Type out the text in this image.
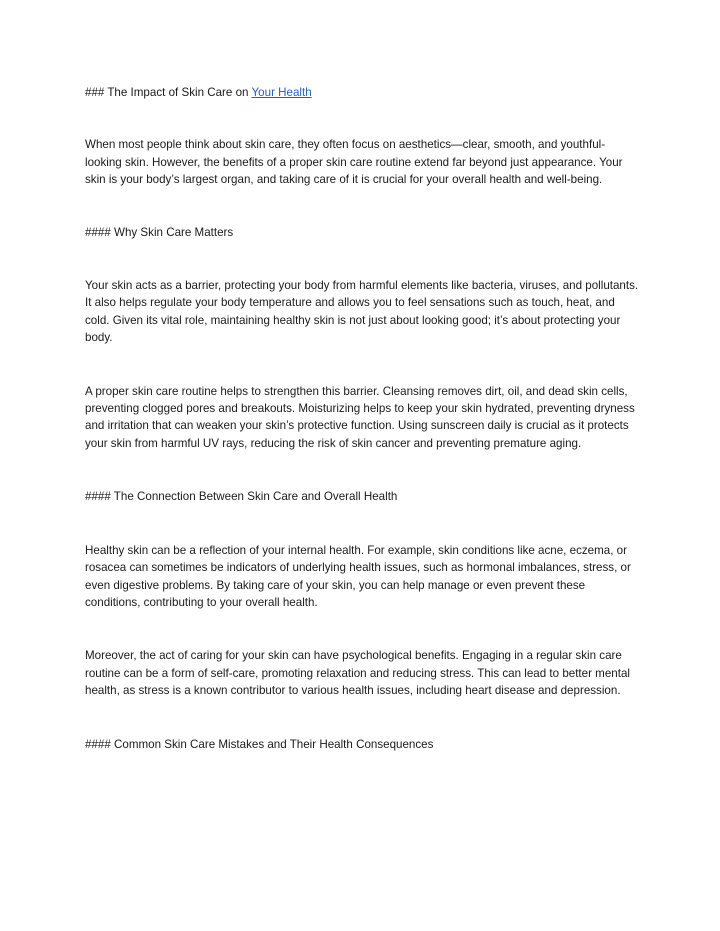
### The Impact of Skin Care on Your Health

When most people think about skin care, they often focus on aesthetics—clear, smooth, and youthful-looking skin. However, the benefits of a proper skin care routine extend far beyond just appearance. Your skin is your body’s largest organ, and taking care of it is crucial for your overall health and well-being.

#### Why Skin Care Matters

Your skin acts as a barrier, protecting your body from harmful elements like bacteria, viruses, and pollutants. It also helps regulate your body temperature and allows you to feel sensations such as touch, heat, and cold. Given its vital role, maintaining healthy skin is not just about looking good; it’s about protecting your body.

A proper skin care routine helps to strengthen this barrier. Cleansing removes dirt, oil, and dead skin cells, preventing clogged pores and breakouts. Moisturizing helps to keep your skin hydrated, preventing dryness and irritation that can weaken your skin’s protective function. Using sunscreen daily is crucial as it protects your skin from harmful UV rays, reducing the risk of skin cancer and preventing premature aging.

#### The Connection Between Skin Care and Overall Health

Healthy skin can be a reflection of your internal health. For example, skin conditions like acne, eczema, or rosacea can sometimes be indicators of underlying health issues, such as hormonal imbalances, stress, or even digestive problems. By taking care of your skin, you can help manage or even prevent these conditions, contributing to your overall health.

Moreover, the act of caring for your skin can have psychological benefits. Engaging in a regular skin care routine can be a form of self-care, promoting relaxation and reducing stress. This can lead to better mental health, as stress is a known contributor to various health issues, including heart disease and depression.

#### Common Skin Care Mistakes and Their Health Consequences
